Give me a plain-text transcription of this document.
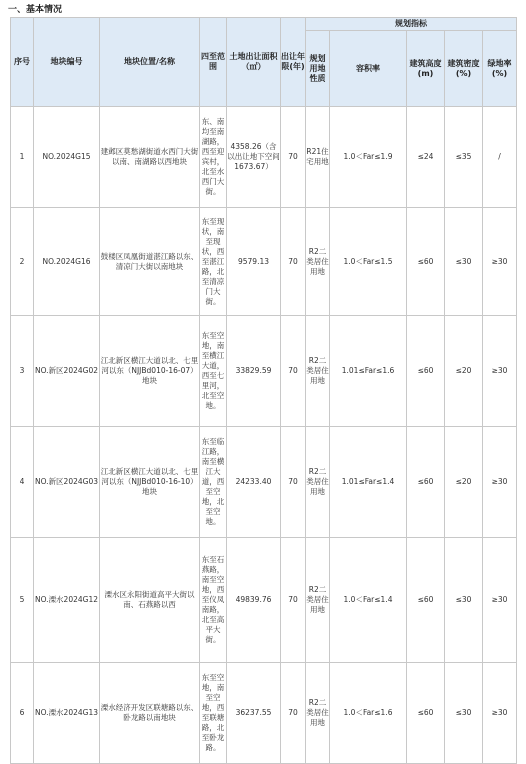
一、基本情况
序号	地块编号	地块位置/名称	四至范围	土地出让面积（㎡）	出让年限(年)	规划指标				
						规划用地性质	容积率	建筑高度(m)	建筑密度(%)	绿地率(%)
1	NO.2024G15	建邺区莫愁湖街道水西门大街以南、南湖路以西地块	东、南均至南湖路，西至迎宾村，北至水西门大街。	4358.26（含以出让地下空间1673.67）	70	R21住宅用地	1.0＜Far≤1.9	≤24	≤35	/
2	NO.2024G16	鼓楼区凤凰街道湛江路以东、清凉门大街以南地块	东至现状，南至现状，西至湛江路，北至清凉门大街。	9579.13	70	R2二类居住用地	1.0＜Far≤1.5	≤60	≤30	≥30
3	NO.新区2024G02	江北新区横江大道以北、七里河以东（NJJBd010-16-07）地块	东至空地，南至横江大道，西至七里河，北至空地。	33829.59	70	R2二类居住用地	1.01≤Far≤1.6	≤60	≤20	≥30
4	NO.新区2024G03	江北新区横江大道以北、七里河以东（NJJBd010-16-10）地块	东至临江路，南至横江大道，西至空地，北至空地。	24233.40	70	R2二类居住用地	1.01≤Far≤1.4	≤60	≤20	≥30
5	NO.溧水2024G12	溧水区永阳街道高平大街以南、石燕路以西	东至石燕路，南至空地，西至仪凤南路，北至高平大街。	49839.76	70	R2二类居住用地	1.0＜Far≤1.4	≤60	≤30	≥30
6	NO.溧水2024G13	溧水经济开发区联塘路以东、卧龙路以南地块	东至空地，南至空地，西至联塘路，北至卧龙路。	36237.55	70	R2二类居住用地	1.0＜Far≤1.6	≤60	≤30	≥30
